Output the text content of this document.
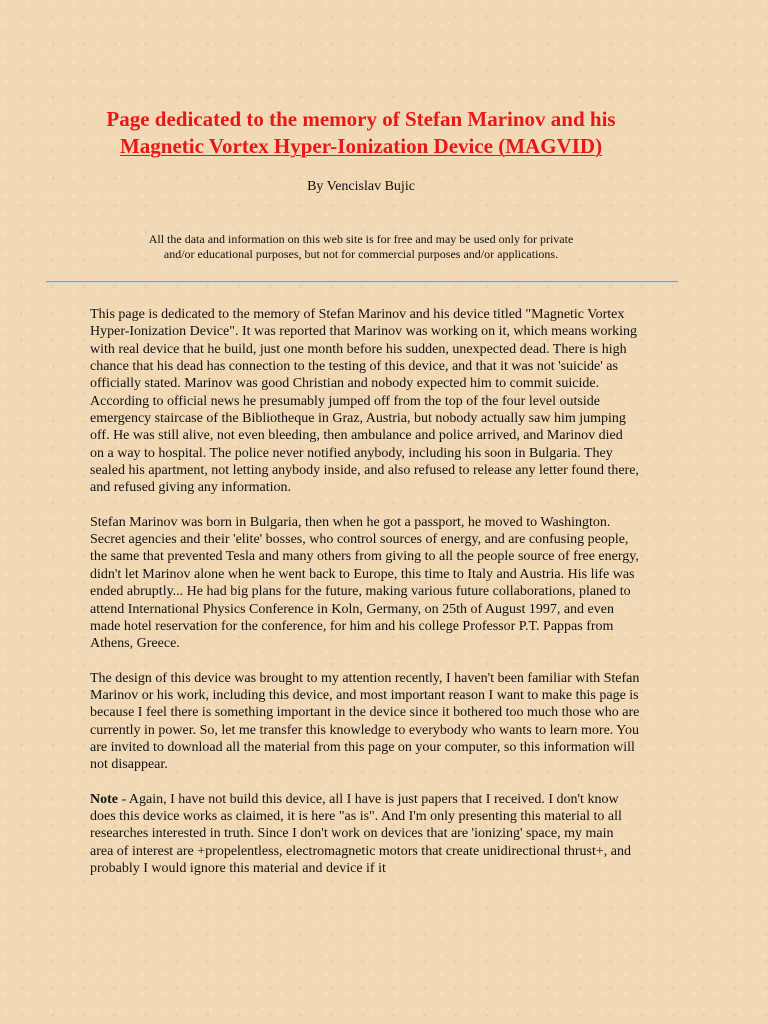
Page dedicated to the memory of Stefan Marinov and his
Magnetic Vortex Hyper-Ionization Device (MAGVID)
By Vencislav Bujic
All the data and information on this web site is for free and may be used only for private
and/or educational purposes, but not for commercial purposes and/or applications.

This page is dedicated to the memory of Stefan Marinov and his device titled "Magnetic Vortex Hyper-Ionization Device". It was reported that Marinov was working on it, which means working with real device that he build, just one month before his sudden, unexpected dead. There is high chance that his dead has connection to the testing of this device, and that it was not 'suicide' as officially stated. Marinov was good Christian and nobody expected him to commit suicide. According to official news he presumably jumped off from the top of the four level outside emergency staircase of the Bibliotheque in Graz, Austria, but nobody actually saw him jumping off. He was still alive, not even bleeding, then ambulance and police arrived, and Marinov died on a way to hospital. The police never notified anybody, including his soon in Bulgaria. They sealed his apartment, not letting anybody inside, and also refused to release any letter found there, and refused giving any information.

Stefan Marinov was born in Bulgaria, then when he got a passport, he moved to Washington. Secret agencies and their 'elite' bosses, who control sources of energy, and are confusing people, the same that prevented Tesla and many others from giving to all the people source of free energy, didn't let Marinov alone when he went back to Europe, this time to Italy and Austria. His life was ended abruptly... He had big plans for the future, making various future collaborations, planed to attend International Physics Conference in Koln, Germany, on 25th of August 1997, and even made hotel reservation for the conference, for him and his college Professor P.T. Pappas from Athens, Greece.

The design of this device was brought to my attention recently, I haven't been familiar with Stefan Marinov or his work, including this device, and most important reason I want to make this page is because I feel there is something important in the device since it bothered too much those who are currently in power. So, let me transfer this knowledge to everybody who wants to learn more. You are invited to download all the material from this page on your computer, so this information will not disappear.

Note - Again, I have not build this device, all I have is just papers that I received. I don't know does this device works as claimed, it is here "as is". And I'm only presenting this material to all researches interested in truth. Since I don't work on devices that are 'ionizing' space, my main area of interest are +propelentless, electromagnetic motors that create unidirectional thrust+, and probably I would ignore this material and device if it
